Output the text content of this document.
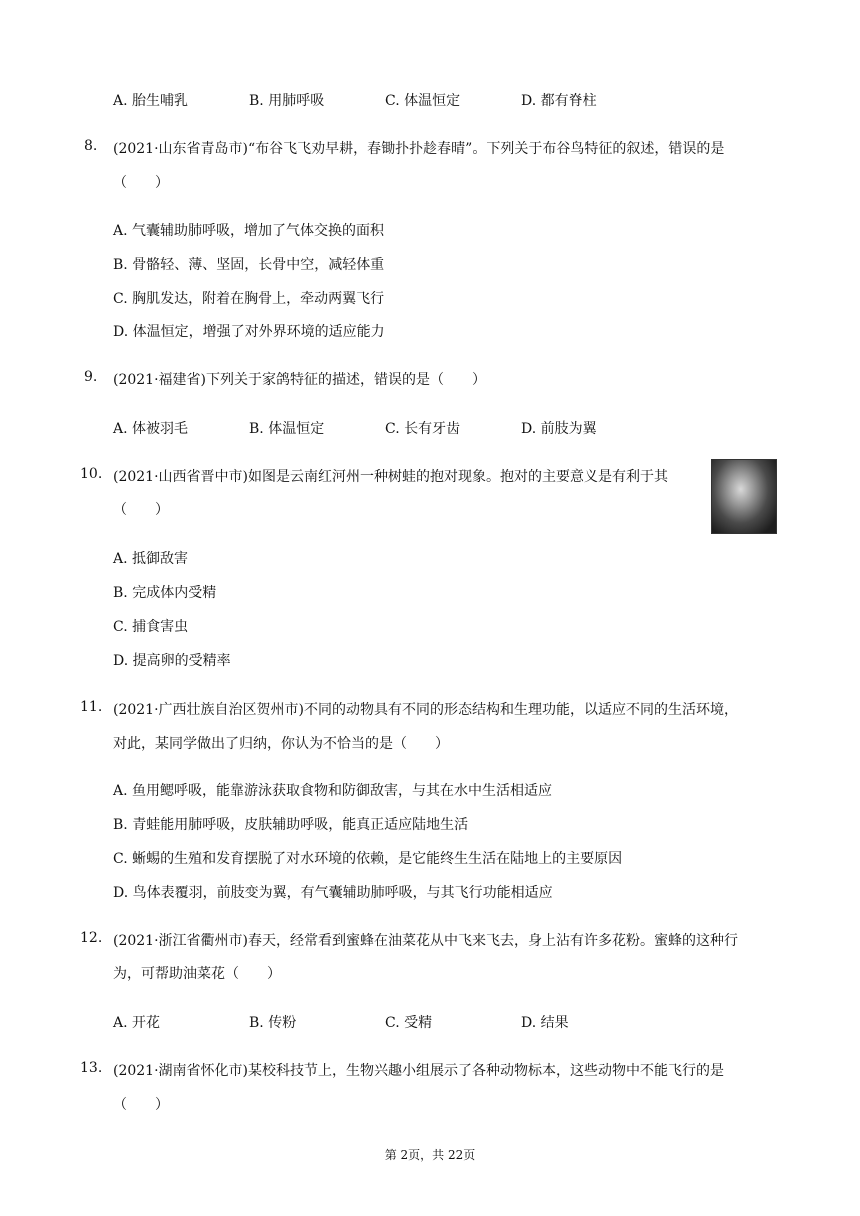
A. 胎生哺乳	B. 用肺呼吸	C. 体温恒定	D. 都有脊柱
8. (2021·山东省青岛市)“布谷飞飞劝早耕，春锄扑扑趁春晴”。下列关于布谷鸟特征的叙述，错误的是
（　　）
A. 气囊辅助肺呼吸，增加了气体交换的面积
B. 骨骼轻、薄、坚固，长骨中空，减轻体重
C. 胸肌发达，附着在胸骨上，牵动两翼飞行
D. 体温恒定，增强了对外界环境的适应能力
9. (2021·福建省)下列关于家鸽特征的描述，错误的是（　　）
A. 体被羽毛	B. 体温恒定	C. 长有牙齿	D. 前肢为翼
10. (2021·山西省晋中市)如图是云南红河州一种树蛙的抱对现象。抱对的主要意义是有利于其
（　　）
A. 抵御敌害
B. 完成体内受精
C. 捕食害虫
D. 提高卵的受精率
11. (2021·广西壮族自治区贺州市)不同的动物具有不同的形态结构和生理功能，以适应不同的生活环境，
对此，某同学做出了归纳，你认为不恰当的是（　　）
A. 鱼用鳃呼吸，能靠游泳获取食物和防御敌害，与其在水中生活相适应
B. 青蛙能用肺呼吸，皮肤辅助呼吸，能真正适应陆地生活
C. 蜥蜴的生殖和发育摆脱了对水环境的依赖，是它能终生生活在陆地上的主要原因
D. 鸟体表覆羽，前肢变为翼，有气囊辅助肺呼吸，与其飞行功能相适应
12. (2021·浙江省衢州市)春天，经常看到蜜蜂在油菜花从中飞来飞去，身上沾有许多花粉。蜜蜂的这种行
为，可帮助油菜花（　　）
A. 开花	B. 传粉	C. 受精	D. 结果
13. (2021·湖南省怀化市)某校科技节上，生物兴趣小组展示了各种动物标本，这些动物中不能飞行的是
（　　）
第 2页，共 22页
